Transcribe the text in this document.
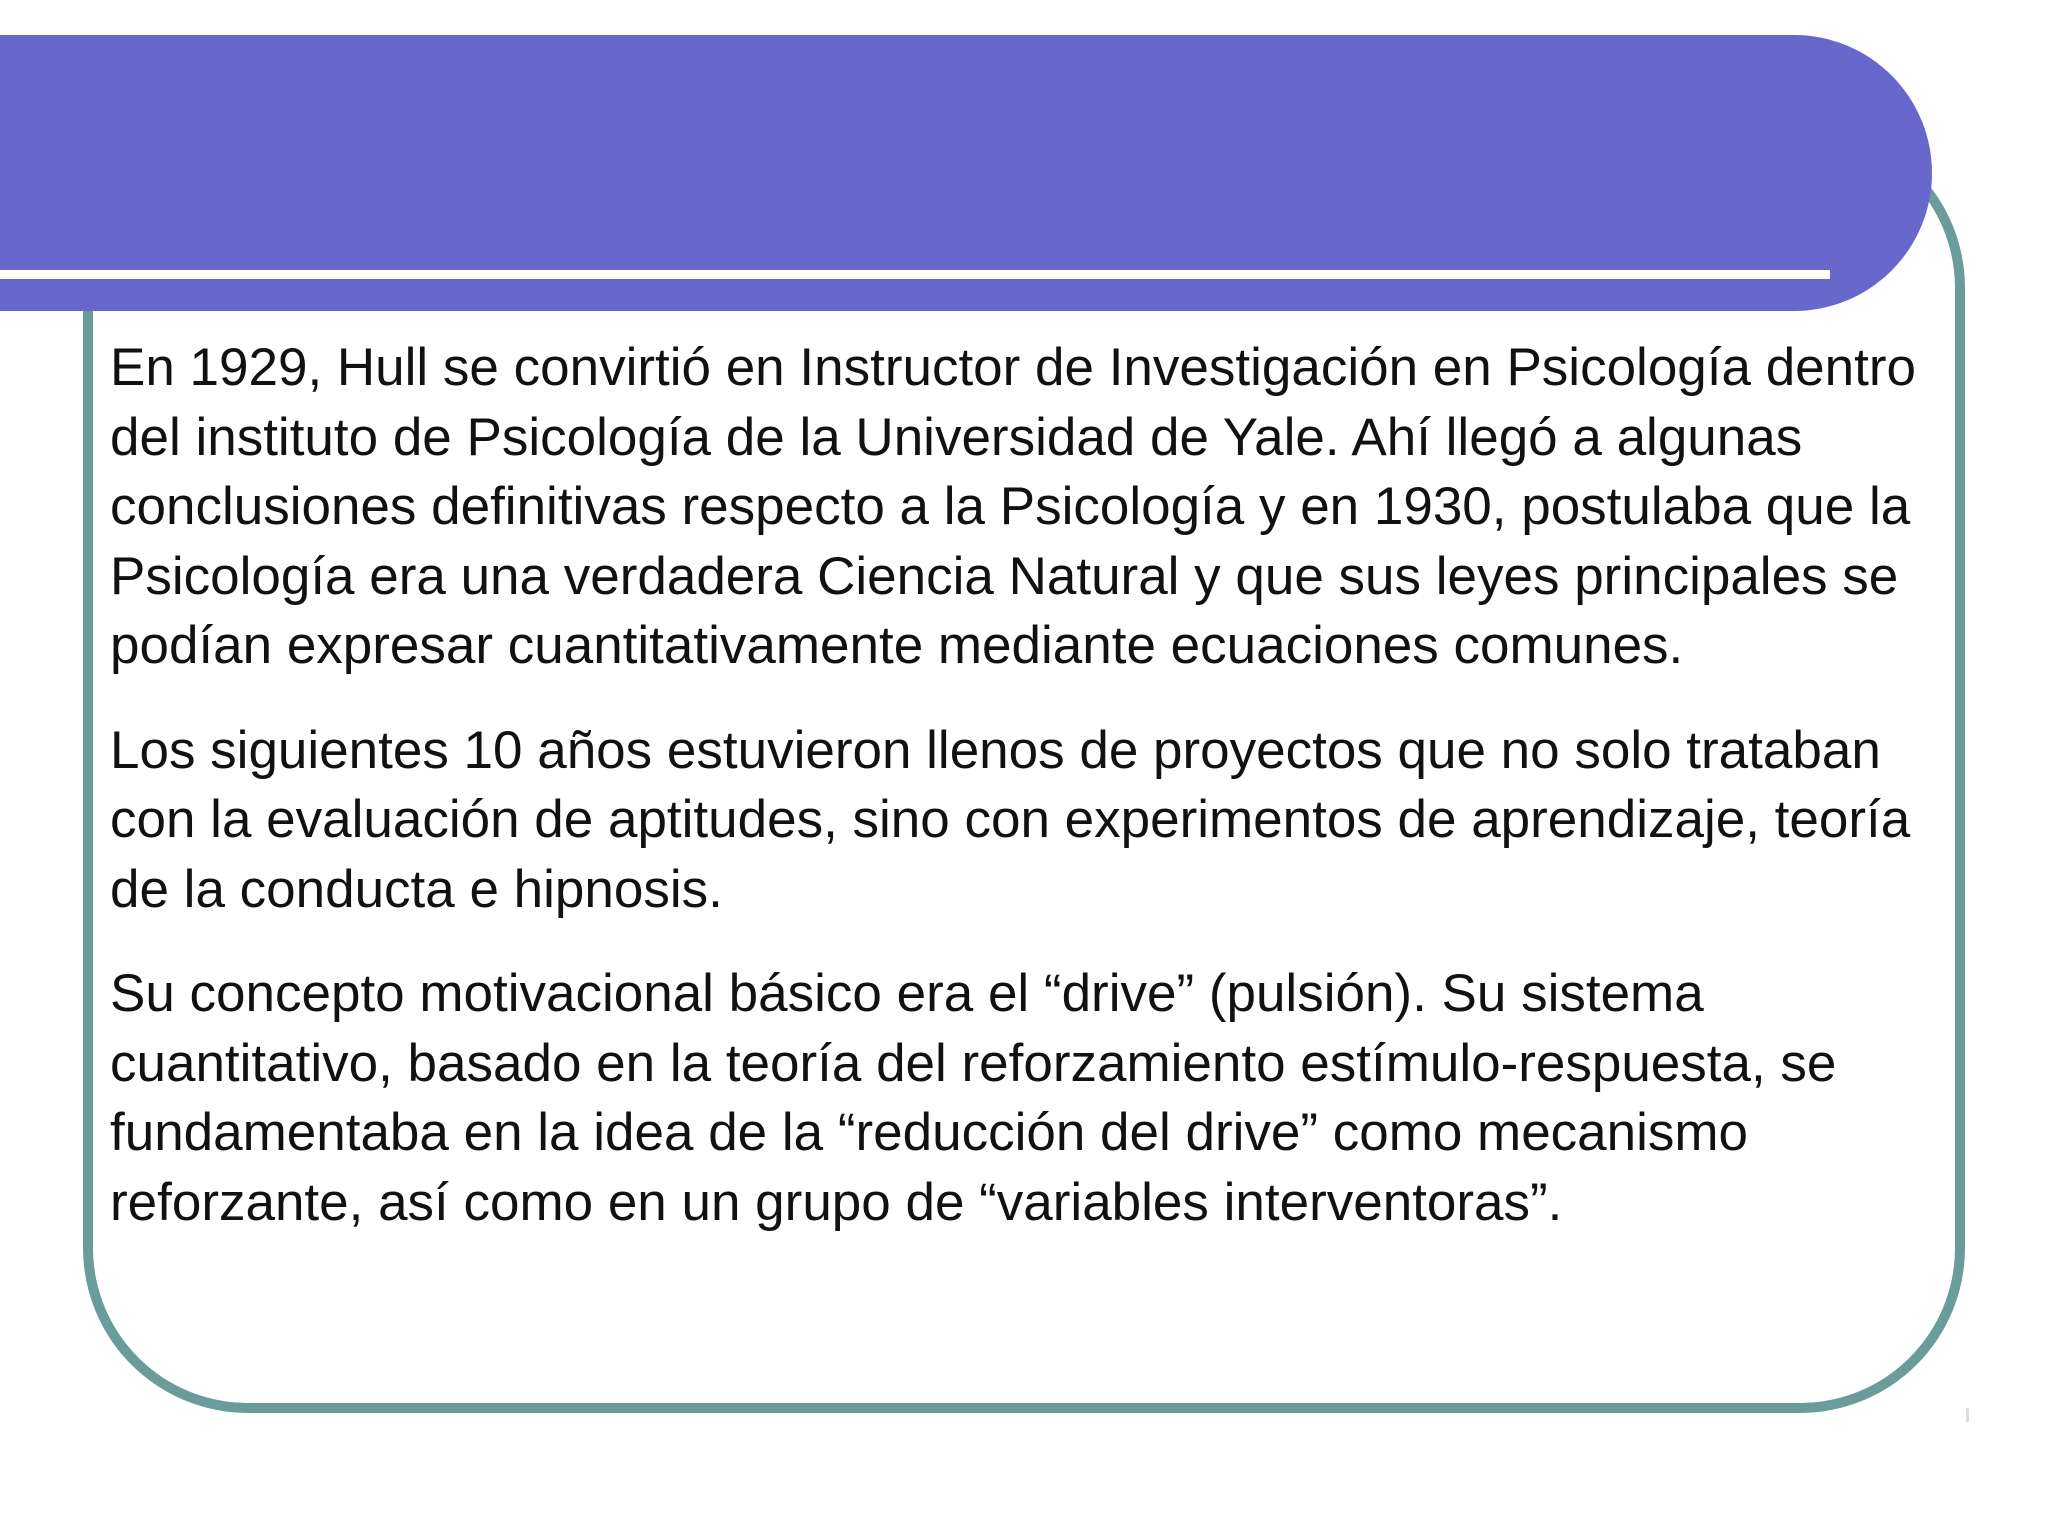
En 1929, Hull se convirtió en Instructor de Investigación en Psicología dentro del instituto de Psicología de la Universidad de Yale. Ahí llegó a algunas conclusiones definitivas respecto a la Psicología y en 1930, postulaba que la Psicología era una verdadera Ciencia Natural y que sus leyes principales se podían expresar cuantitativamente mediante ecuaciones comunes.

Los siguientes 10 años estuvieron llenos de proyectos que no solo trataban con la evaluación de aptitudes, sino con experimentos de aprendizaje, teoría de la conducta e hipnosis.

Su concepto motivacional básico era el “drive” (pulsión). Su sistema cuantitativo, basado en la teoría del reforzamiento estímulo-respuesta, se fundamentaba en la idea de la “reducción del drive” como mecanismo reforzante, así como en un grupo de “variables interventoras”.
